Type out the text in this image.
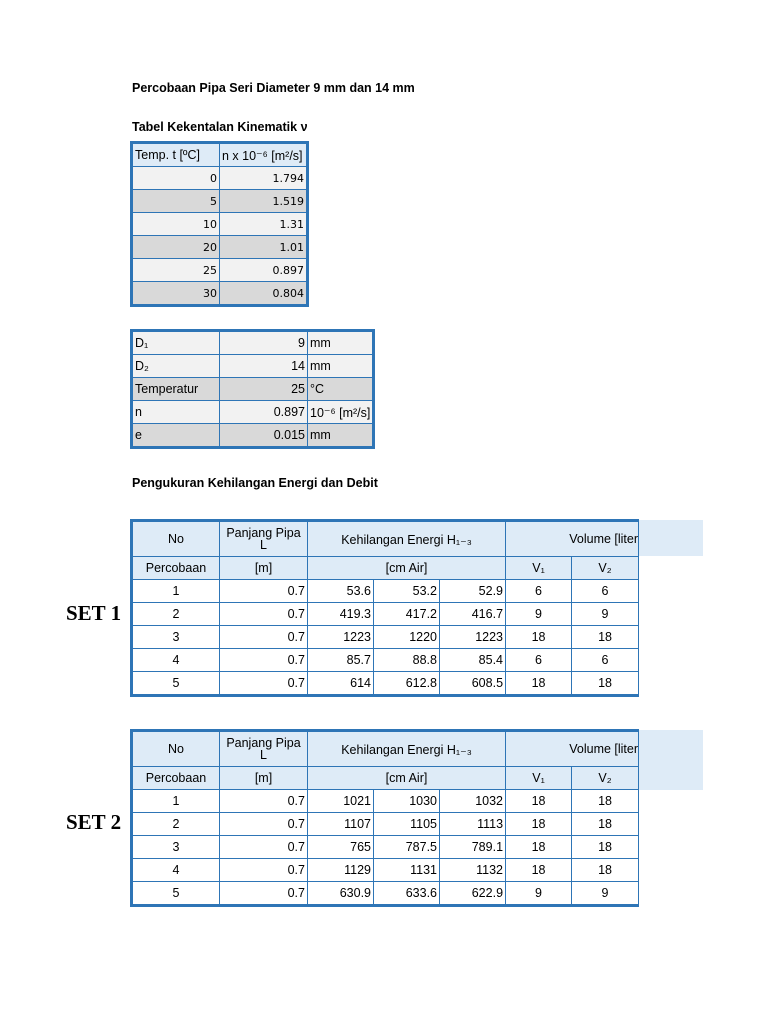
Percobaan Pipa Seri Diameter 9 mm dan 14 mm

Tabel Kekentalan Kinematik ν

Temp. t [ºC]	n x 10⁻⁶ [m²/s]
0	1.794
5	1.519
10	1.31
20	1.01
25	0.897
30	0.804
D₁	9	mm
D₂	14	mm
Temperatur	25	°C
n	0.897	10⁻⁶ [m²/s]
e	0.015	mm

Pengukuran Kehilangan Energi dan Debit

SET 1

No	Panjang Pipa L	Kehilangan Energi H₁₋₃			Volume [liter	
Percobaan	[m]	[cm Air]			V₁	V₂
1	0.7	53.6	53.2	52.9	6	6
2	0.7	419.3	417.2	416.7	9	9
3	0.7	1223	1220	1223	18	18
4	0.7	85.7	88.8	85.4	6	6
5	0.7	614	612.8	608.5	18	18

SET 2

No	Panjang Pipa L	Kehilangan Energi H₁₋₃			Volume [liter	
Percobaan	[m]	[cm Air]			V₁	V₂
1	0.7	1021	1030	1032	18	18
2	0.7	1107	1105	1113	18	18
3	0.7	765	787.5	789.1	18	18
4	0.7	1129	1131	1132	18	18
5	0.7	630.9	633.6	622.9	9	9
